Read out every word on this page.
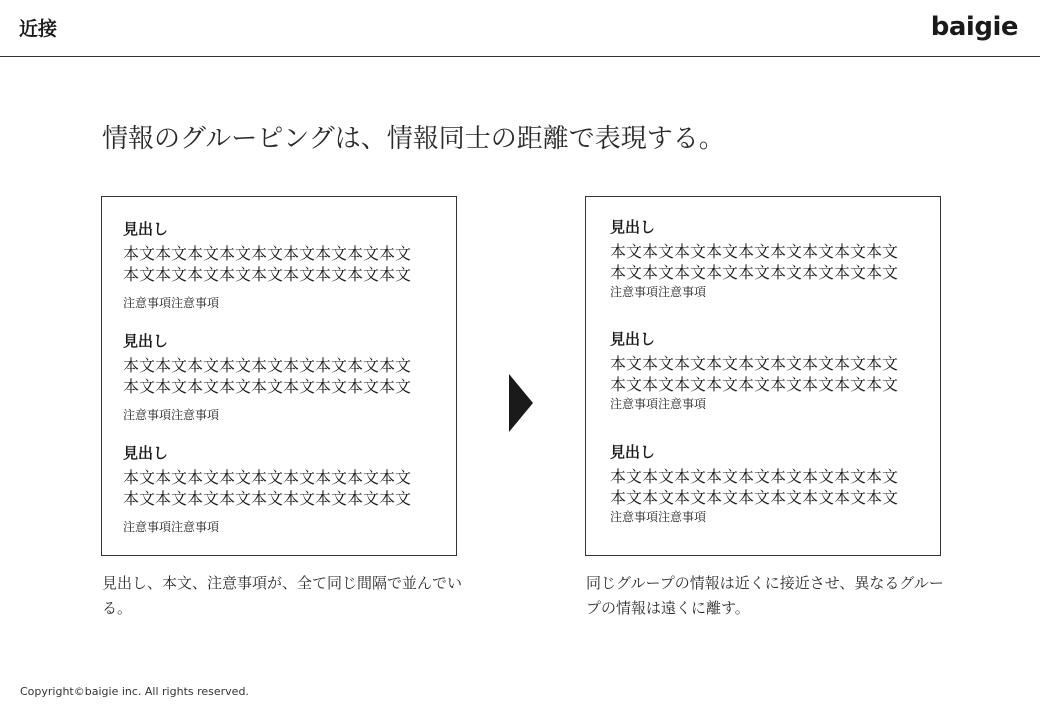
近接	baigie
情報のグルーピングは、情報同士の距離で表現する。
見出し
本文本文本文本文本文本文本文本文本文
本文本文本文本文本文本文本文本文本文
注意事項注意事項
見出し
本文本文本文本文本文本文本文本文本文
本文本文本文本文本文本文本文本文本文
注意事項注意事項
見出し
本文本文本文本文本文本文本文本文本文
本文本文本文本文本文本文本文本文本文
注意事項注意事項
見出し
本文本文本文本文本文本文本文本文本文
本文本文本文本文本文本文本文本文本文
注意事項注意事項
見出し
本文本文本文本文本文本文本文本文本文
本文本文本文本文本文本文本文本文本文
注意事項注意事項
見出し
本文本文本文本文本文本文本文本文本文
本文本文本文本文本文本文本文本文本文
注意事項注意事項
見出し、本文、注意事項が、全て同じ間隔で並んでいる。
同じグループの情報は近くに接近させ、異なるグループの情報は遠くに離す。
Copyright©baigie inc. All rights reserved.
